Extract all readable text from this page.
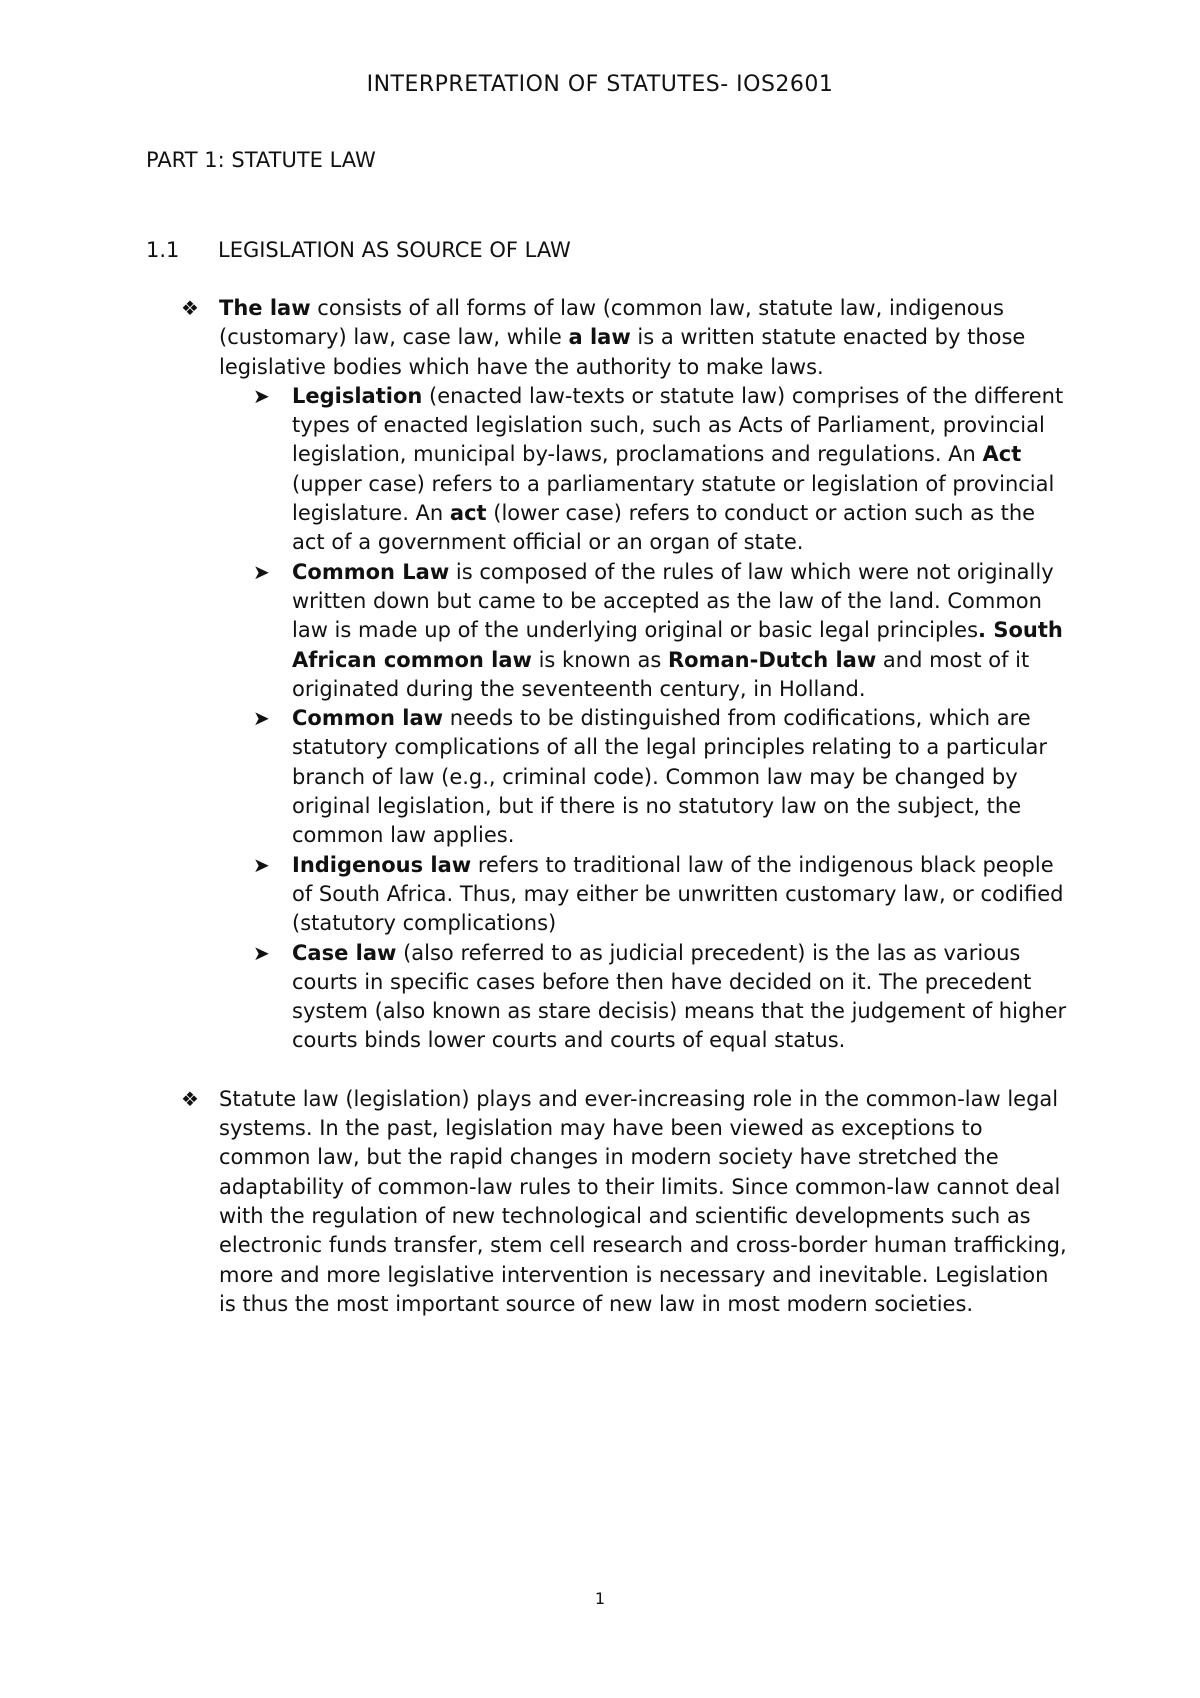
INTERPRETATION OF STATUTES- IOS2601
PART 1: STATUTE LAW
1.1 LEGISLATION AS SOURCE OF LAW
❖ The law consists of all forms of law (common law, statute law, indigenous (customary) law, case law, while a law is a written statute enacted by those legislative bodies which have the authority to make laws.
➤ Legislation (enacted law-texts or statute law) comprises of the different types of enacted legislation such, such as Acts of Parliament, provincial legislation, municipal by-laws, proclamations and regulations. An Act (upper case) refers to a parliamentary statute or legislation of provincial legislature. An act (lower case) refers to conduct or action such as the act of a government official or an organ of state.
➤ Common Law is composed of the rules of law which were not originally written down but came to be accepted as the law of the land. Common law is made up of the underlying original or basic legal principles. South African common law is known as Roman-Dutch law and most of it originated during the seventeenth century, in Holland.
➤ Common law needs to be distinguished from codifications, which are statutory complications of all the legal principles relating to a particular branch of law (e.g., criminal code). Common law may be changed by original legislation, but if there is no statutory law on the subject, the common law applies.
➤ Indigenous law refers to traditional law of the indigenous black people of South Africa. Thus, may either be unwritten customary law, or codified (statutory complications)
➤ Case law (also referred to as judicial precedent) is the las as various courts in specific cases before then have decided on it. The precedent system (also known as stare decisis) means that the judgement of higher courts binds lower courts and courts of equal status.
❖ Statute law (legislation) plays and ever-increasing role in the common-law legal systems. In the past, legislation may have been viewed as exceptions to common law, but the rapid changes in modern society have stretched the adaptability of common-law rules to their limits. Since common-law cannot deal with the regulation of new technological and scientific developments such as electronic funds transfer, stem cell research and cross-border human trafficking, more and more legislative intervention is necessary and inevitable. Legislation is thus the most important source of new law in most modern societies.
1
